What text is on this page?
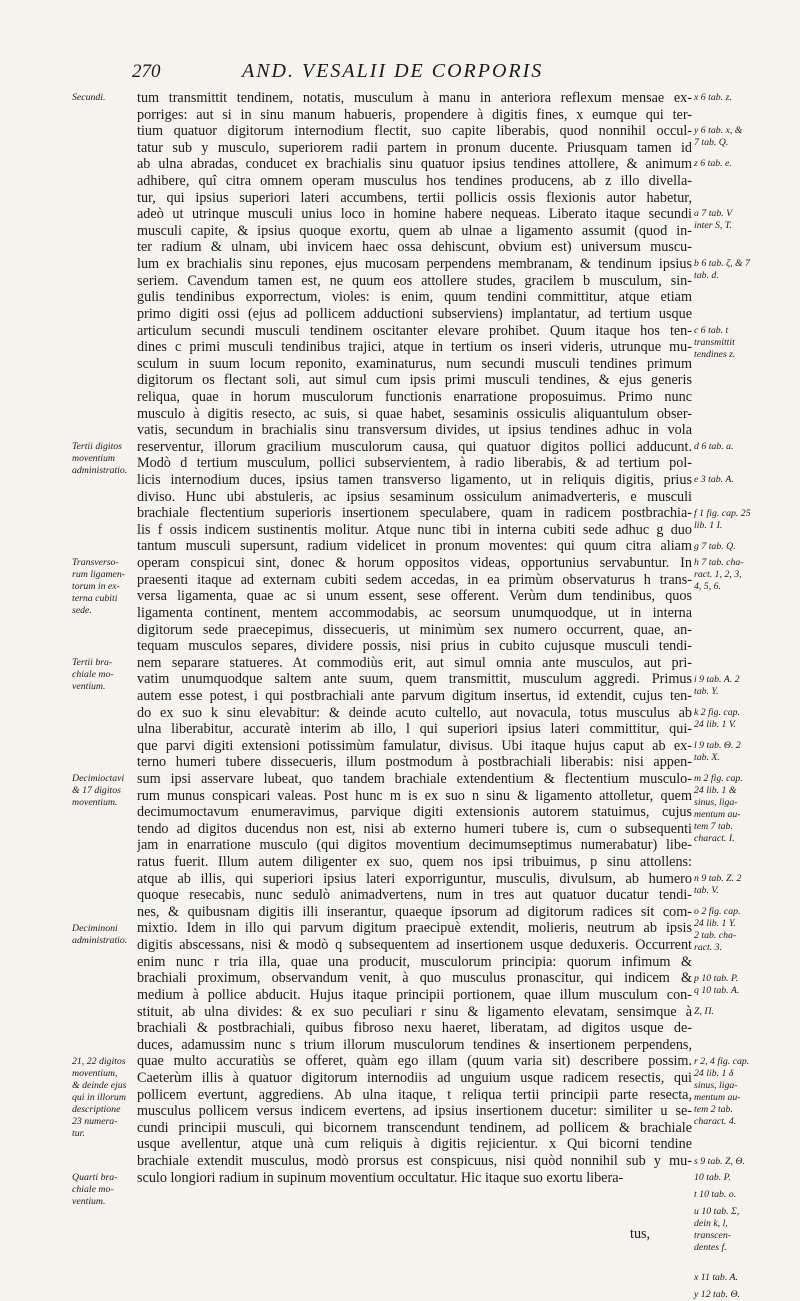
270	AND. VESALII DE CORPORIS
Secundi.
Tertii digitos
moventium
administratio.
Transverso-
rum ligamen-
torum in ex-
terna cubiti
sede.
Tertii bra-
chiale mo-
ventium.
Decimioctavi
& 17 digitos
moventium.
Deciminoni
administratio.
21, 22 digitos
moventium,
& deinde ejus
qui in illorum
descriptione
23 numera-
tur.
Quarti bra-
chiale mo-
ventium.
tum transmittit tendinem, notatis, musculum à manu in anteriora reflexum mensae ex-
porriges: aut si in sinu manum habueris, propendere à digitis fines, x eumque qui ter-
tium quatuor digitorum internodium flectit, suo capite liberabis, quod nonnihil occul-
tatur sub y musculo, superiorem radii partem in pronum ducente. Priusquam tamen id
ab ulna abradas, conducet ex brachialis sinu quatuor ipsius tendines attollere, & animum
adhibere, quî citra omnem operam musculus hos tendines producens, ab z illo divella-
tur, qui ipsius superiori lateri accumbens, tertii pollicis ossis flexionis autor habetur,
adeò ut utrinque musculi unius loco in homine habere nequeas. Liberato itaque secundi
musculi capite, & ipsius quoque exortu, quem ab ulnae a ligamento assumit (quod in-
ter radium & ulnam, ubi invicem haec ossa dehiscunt, obvium est) universum muscu-
lum ex brachialis sinu repones, ejus mucosam perpendens membranam, & tendinum ipsius
seriem. Cavendum tamen est, ne quum eos attollere studes, gracilem b musculum, sin-
gulis tendinibus exporrectum, violes: is enim, quum tendini committitur, atque etiam
primo digiti ossi (ejus ad pollicem adductioni subserviens) implantatur, ad tertium usque
articulum secundi musculi tendinem oscitanter elevare prohibet. Quum itaque hos ten-
dines c primi musculi tendinibus trajici, atque in tertium os inseri videris, utrunque mu-
sculum in suum locum reponito, examinaturus, num secundi musculi tendines primum
digitorum os flectant soli, aut simul cum ipsis primi musculi tendines, & ejus generis
reliqua, quae in horum musculorum functionis enarratione proposuimus. Primo nunc
musculo à digitis resecto, ac suis, si quae habet, sesaminis ossiculis aliquantulum obser-
vatis, secundum in brachialis sinu transversum divides, ut ipsius tendines adhuc in vola
reserventur, illorum gracilium musculorum causa, qui quatuor digitos pollici adducunt.
Modò d tertium musculum, pollici subservientem, à radio liberabis, & ad tertium pol-
licis internodium duces, ipsius tamen transverso ligamento, ut in reliquis digitis, prius
diviso. Hunc ubi abstuleris, ac ipsius sesaminum ossiculum animadverteris, e musculi
brachiale flectentium superioris insertionem speculabere, quam in radicem postbrachia-
lis f ossis indicem sustinentis molitur. Atque nunc tibi in interna cubiti sede adhuc g duo
tantum musculi supersunt, radium videlicet in pronum moventes: qui quum citra aliam
operam conspicui sint, donec & horum oppositos videas, opportunius servabuntur. In
praesenti itaque ad externam cubiti sedem accedas, in ea primùm observaturus h trans-
versa ligamenta, quae ac si unum essent, sese offerent. Verùm dum tendinibus, quos
ligamenta continent, mentem accommodabis, ac seorsum unumquodque, ut in interna
digitorum sede praecepimus, dissecueris, ut minimùm sex numero occurrent, quae, an-
tequam musculos separes, dividere possis, nisi prius in cubito cujusque musculi tendi-
nem separare statueres. At commodiùs erit, aut simul omnia ante musculos, aut pri-
vatim unumquodque saltem ante suum, quem transmittit, musculum aggredi. Primus
autem esse potest, i qui postbrachiali ante parvum digitum insertus, id extendit, cujus ten-
do ex suo k sinu elevabitur: & deinde acuto cultello, aut novacula, totus musculus ab
ulna liberabitur, accuratè interim ab illo, l qui superiori ipsius lateri committitur, qui-
que parvi digiti extensioni potissimùm famulatur, divisus. Ubi itaque hujus caput ab ex-
terno humeri tubere dissecueris, illum postmodum à postbrachiali liberabis: nisi appen-
sum ipsi asservare lubeat, quo tandem brachiale extendentium & flectentium musculo-
rum munus conspicari valeas. Post hunc m is ex suo n sinu & ligamento attolletur, quem
decimumoctavum enumeravimus, parvique digiti extensionis autorem statuimus, cujus
tendo ad digitos ducendus non est, nisi ab externo humeri tubere is, cum o subsequenti
jam in enarratione musculo (qui digitos moventium decimumseptimus numerabatur) libe-
ratus fuerit. Illum autem diligenter ex suo, quem nos ipsi tribuimus, p sinu attollens:
atque ab illis, qui superiori ipsius lateri exporriguntur, musculis, divulsum, ab humero
quoque resecabis, nunc sedulò animadvertens, num in tres aut quatuor ducatur tendi-
nes, & quibusnam digitis illi inserantur, quaeque ipsorum ad digitorum radices sit com-
mixtio. Idem in illo qui parvum digitum praecipuè extendit, molieris, neutrum ab ipsis
digitis abscessans, nisi & modò q subsequentem ad insertionem usque deduxeris. Occurrent
enim nunc r tria illa, quae una producit, musculorum principia: quorum infimum &
brachiali proximum, observandum venit, à quo musculus pronascitur, qui indicem &
medium à pollice abducit. Hujus itaque principii portionem, quae illum musculum con-
stituit, ab ulna divides: & ex suo peculiari r sinu & ligamento elevatam, sensimque à
brachiali & postbrachiali, quibus fibroso nexu haeret, liberatam, ad digitos usque de-
duces, adamussim nunc s trium illorum musculorum tendines & insertionem perpendens,
quae multo accuratiùs se offeret, quàm ego illam (quum varia sit) describere possim.
Caeterùm illis à quatuor digitorum internodiis ad unguium usque radicem resectis, qui
pollicem evertunt, aggrediens. Ab ulna itaque, t reliqua tertii principii parte resecta,
musculus pollicem versus indicem evertens, ad ipsius insertionem ducetur: similiter u se-
cundi principii musculi, qui bicornem transcendunt tendinem, ad pollicem & brachiale
usque avellentur, atque unà cum reliquis à digitis rejicientur. x Qui bicorni tendine
brachiale extendit musculus, modò prorsus est conspicuus, nisi quòd nonnihil sub y mu-
sculo longiori radium in supinum moventium occultatur. Hic itaque suo exortu libera-
x 6 tab. z.
y 6 tab. x, &
7 tab. Q.
z 6 tab. e.
a 7 tab. V
inter S, T.
b 6 tab. ζ, & 7
tab. d.
c 6 tab. t
transmittit
tendines z.
d 6 tab. a.
e 3 tab. A.
f 1 fig. cap. 25
lib. 1 I.
g 7 tab. Q.
h 7 tab. cha-
ract. 1, 2, 3,
4, 5, 6.
i 9 tab. A. 2
tab. Y.
k 2 fig. cap.
24 lib. 1 V.
l 9 tab. Θ. 2
tab. X.
m 2 fig. cap.
24 lib. 1 &
sinus, liga-
mentum au-
tem 7 tab.
charact. I.
n 9 tab. Z. 2
tab. V.
o 2 fig. cap.
24 lib. 1 Y.
2 tab. cha-
ract. 3.
p 10 tab. P.
q 10 tab. A.
Z, Π.
r 2, 4 fig. cap.
24 lib. 1 δ
sinus, liga-
mentum au-
tem 2 tab.
charact. 4.
s 9 tab. Z, Θ.
10 tab. P.
t 10 tab. o.
u 10 tab. Σ,
dein k, l,
transcen-
dentes f.
x 11 tab. A.
y 12 tab. Θ.
tus,
